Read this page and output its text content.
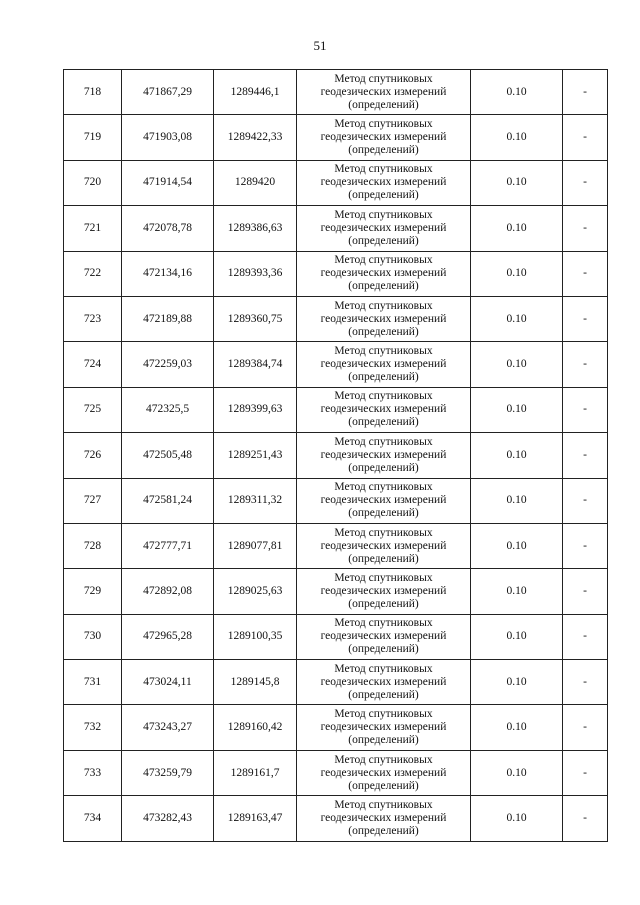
51
718	471867,29	1289446,1	Метод спутниковых
геодезических измерений
(определений)	0.10	-
719	471903,08	1289422,33	Метод спутниковых
геодезических измерений
(определений)	0.10	-
720	471914,54	1289420	Метод спутниковых
геодезических измерений
(определений)	0.10	-
721	472078,78	1289386,63	Метод спутниковых
геодезических измерений
(определений)	0.10	-
722	472134,16	1289393,36	Метод спутниковых
геодезических измерений
(определений)	0.10	-
723	472189,88	1289360,75	Метод спутниковых
геодезических измерений
(определений)	0.10	-
724	472259,03	1289384,74	Метод спутниковых
геодезических измерений
(определений)	0.10	-
725	472325,5	1289399,63	Метод спутниковых
геодезических измерений
(определений)	0.10	-
726	472505,48	1289251,43	Метод спутниковых
геодезических измерений
(определений)	0.10	-
727	472581,24	1289311,32	Метод спутниковых
геодезических измерений
(определений)	0.10	-
728	472777,71	1289077,81	Метод спутниковых
геодезических измерений
(определений)	0.10	-
729	472892,08	1289025,63	Метод спутниковых
геодезических измерений
(определений)	0.10	-
730	472965,28	1289100,35	Метод спутниковых
геодезических измерений
(определений)	0.10	-
731	473024,11	1289145,8	Метод спутниковых
геодезических измерений
(определений)	0.10	-
732	473243,27	1289160,42	Метод спутниковых
геодезических измерений
(определений)	0.10	-
733	473259,79	1289161,7	Метод спутниковых
геодезических измерений
(определений)	0.10	-
734	473282,43	1289163,47	Метод спутниковых
геодезических измерений
(определений)	0.10	-
